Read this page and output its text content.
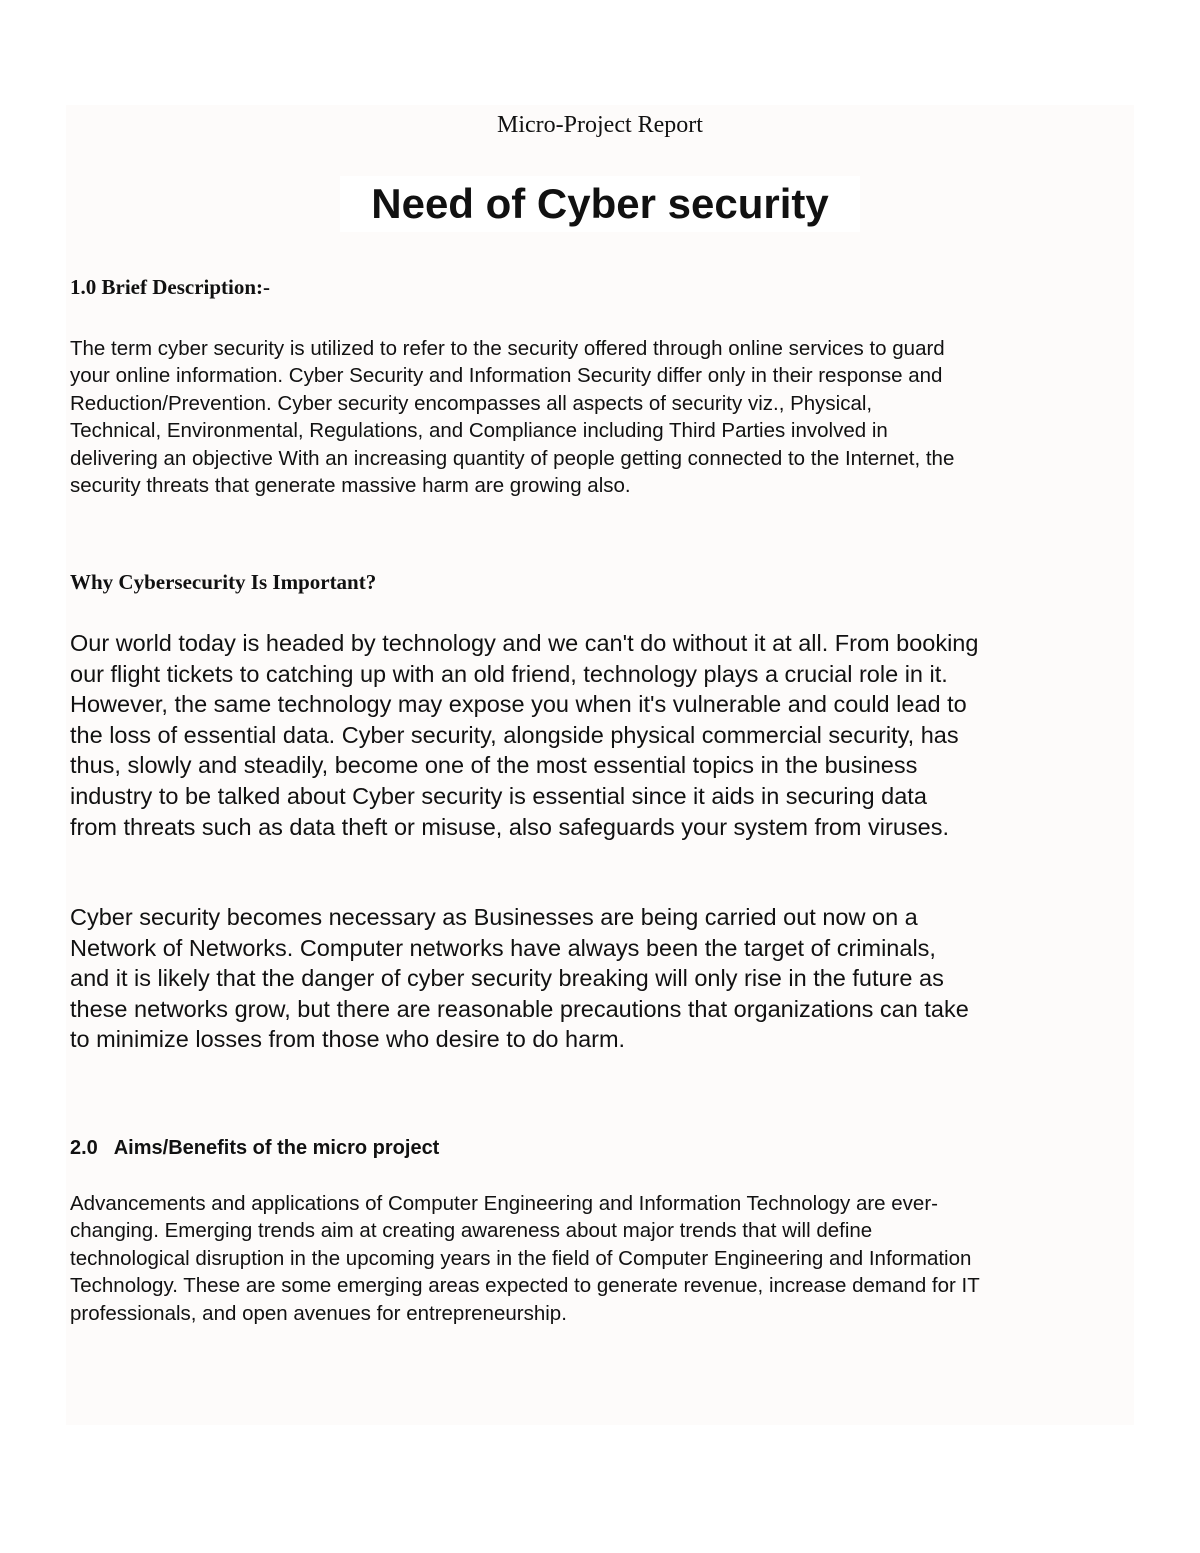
Micro-Project Report
Need of Cyber security
1.0 Brief Description:-
The term cyber security is utilized to refer to the security offered through online services to guard
your online information. Cyber Security and Information Security differ only in their response and
Reduction/Prevention. Cyber security encompasses all aspects of security viz., Physical,
Technical, Environmental, Regulations, and Compliance including Third Parties involved in
delivering an objective With an increasing quantity of people getting connected to the Internet, the
security threats that generate massive harm are growing also.
Why Cybersecurity Is Important?
Our world today is headed by technology and we can't do without it at all. From booking
our flight tickets to catching up with an old friend, technology plays a crucial role in it.
However, the same technology may expose you when it's vulnerable and could lead to
the loss of essential data. Cyber security, alongside physical commercial security, has
thus, slowly and steadily, become one of the most essential topics in the business
industry to be talked about Cyber security is essential since it aids in securing data
from threats such as data theft or misuse, also safeguards your system from viruses.
Cyber security becomes necessary as Businesses are being carried out now on a
Network of Networks. Computer networks have always been the target of criminals,
and it is likely that the danger of cyber security breaking will only rise in the future as
these networks grow, but there are reasonable precautions that organizations can take
to minimize losses from those who desire to do harm.
2.0   Aims/Benefits of the micro project
Advancements and applications of Computer Engineering and Information Technology are ever-
changing. Emerging trends aim at creating awareness about major trends that will define
technological disruption in the upcoming years in the field of Computer Engineering and Information
Technology. These are some emerging areas expected to generate revenue, increase demand for IT
professionals, and open avenues for entrepreneurship.
